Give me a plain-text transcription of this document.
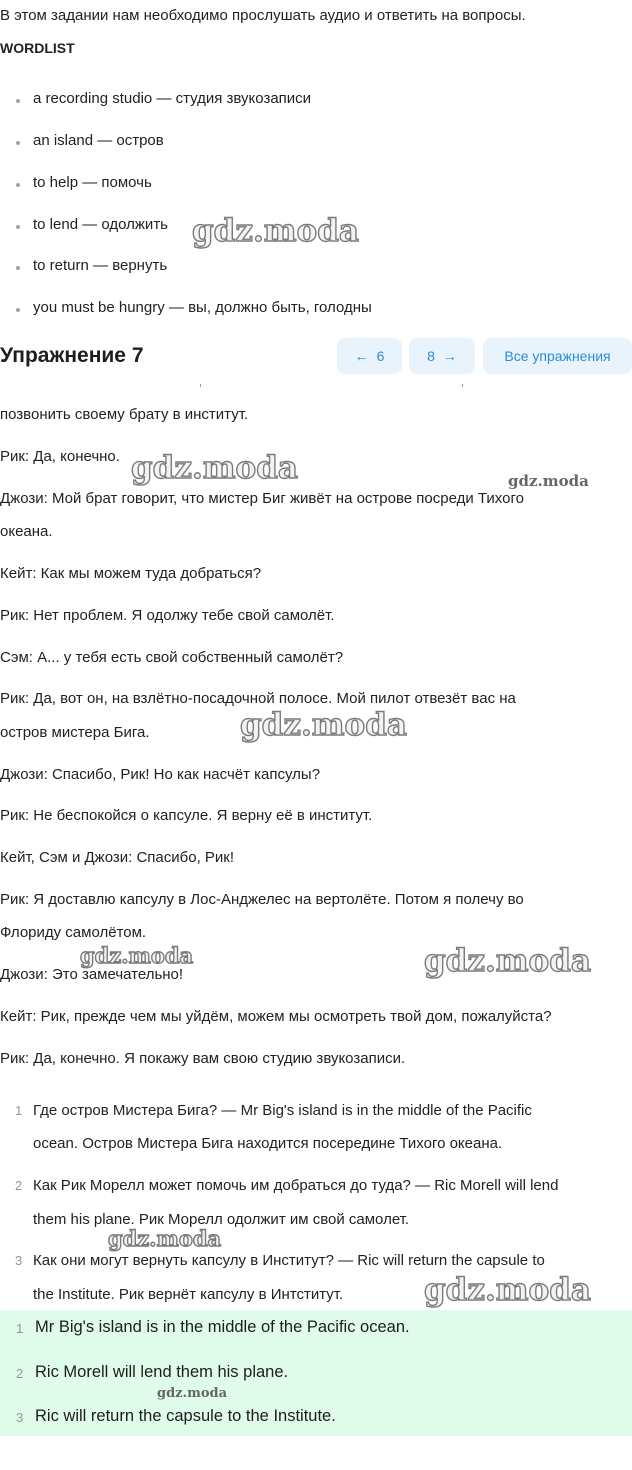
В этом задании нам необходимо прослушать аудио и ответить на вопросы.
WORDLIST
a recording studio — студия звукозаписи
an island — остров
to help — помочь
to lend — одолжить
to return — вернуть
you must be hungry — вы, должно быть, голодны
Упражнение 7	← 6	8 →	Все упражнения
позвонить своему брату в институт.
Рик: Да, конечно.
Джози: Мой брат говорит, что мистер Биг живёт на острове посреди Тихого
океана.
Кейт: Как мы можем туда добраться?
Рик: Нет проблем. Я одолжу тебе свой самолёт.
Сэм: А... у тебя есть свой собственный самолёт?
Рик: Да, вот он, на взлётно-посадочной полосе. Мой пилот отвезёт вас на
остров мистера Бига.
Джози: Спасибо, Рик! Но как насчёт капсулы?
Рик: Не беспокойся о капсуле. Я верну её в институт.
Кейт, Сэм и Джози: Спасибо, Рик!
Рик: Я доставлю капсулу в Лос-Анджелес на вертолёте. Потом я полечу во
Флориду самолётом.
Джози: Это замечательно!
Кейт: Рик, прежде чем мы уйдём, можем мы осмотреть твой дом, пожалуйста?
Рик: Да, конечно. Я покажу вам свою студию звукозаписи.
1 Где остров Мистера Бига? — Mr Big's island is in the middle of the Pacific
ocean. Остров Мистера Бига находится посередине Тихого океана.
2 Как Рик Морелл может помочь им добраться до туда? — Ric Morell will lend
them his plane. Рик Морелл одолжит им свой самолет.
3 Как они могут вернуть капсулу в Институт? — Ric will return the capsule to
the Institute. Рик вернёт капсулу в Интститут.
1 Mr Big's island is in the middle of the Pacific ocean.
2 Ric Morell will lend them his plane.
3 Ric will return the capsule to the Institute.
gdz.moda
gdz.moda	gdz.moda
gdz.moda
gdz.moda	gdz.moda
gdz.moda
gdz.moda
gdz.moda
